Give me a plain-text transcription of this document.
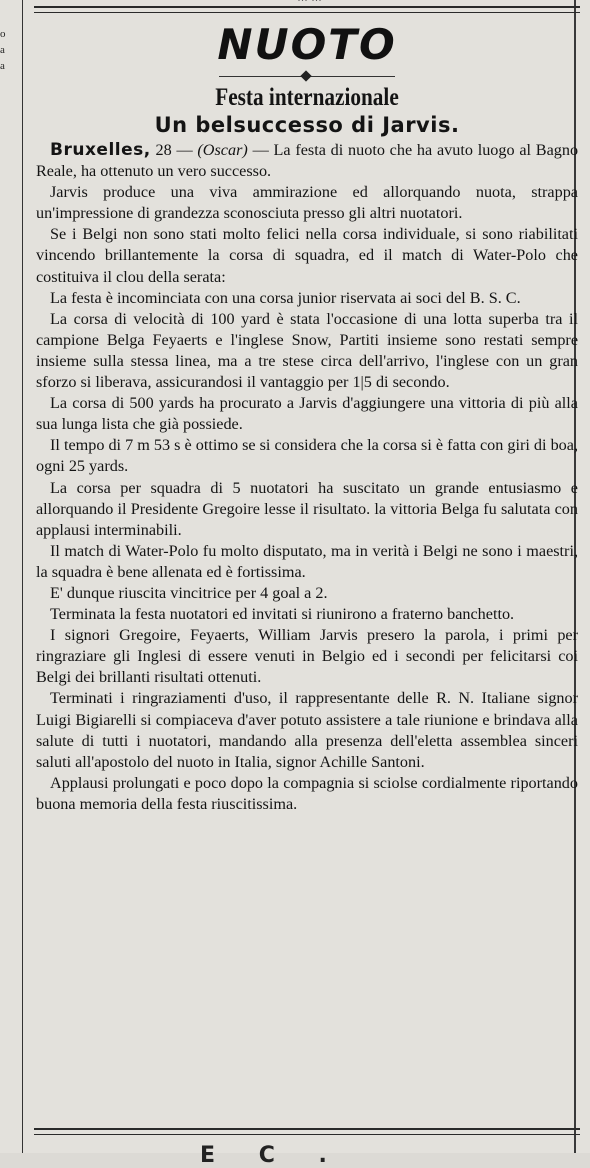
o
a
a	NUOTO
Festa internazionale
Un belsuccesso di Jarvis.

Bruxelles, 28 — (Oscar) — La festa di nuoto che ha avuto luogo al Bagno Reale, ha ottenuto un vero successo.

Jarvis produce una viva ammirazione ed allorquando nuota, strappa un'impressione di grandezza sconosciuta presso gli altri nuotatori.

Se i Belgi non sono stati molto felici nella corsa individuale, si sono riabilitati vincendo brillantemente la corsa di squadra, ed il match di Water-Polo che costituiva il clou della serata:

La festa è incominciata con una corsa junior riservata ai soci del B. S. C.

La corsa di velocità di 100 yard è stata l'occasione di una lotta superba tra il campione Belga Feyaerts e l'inglese Snow, Partiti insieme sono restati sempre insieme sulla stessa linea, ma a tre stese circa dell'arrivo, l'inglese con un gran sforzo si liberava, assicurandosi il vantaggio per 1|5 di secondo.

La corsa di 500 yards ha procurato a Jarvis d'aggiungere una vittoria di più alla sua lunga lista che già possiede.

Il tempo di 7 m 53 s è ottimo se si considera che la corsa si è fatta con giri di boa, ogni 25 yards.

La corsa per squadra di 5 nuotatori ha suscitato un grande entusiasmo e allorquando il Presidente Gregoire lesse il risultato. la vittoria Belga fu salutata con applausi interminabili.

Il match di Water-Polo fu molto disputato, ma in verità i Belgi ne sono i maestri, la squadra è bene allenata ed è fortissima.

E' dunque riuscita vincitrice per 4 goal a 2.

Terminata la festa nuotatori ed invitati si riunirono a fraterno banchetto.

I signori Gregoire, Feyaerts, William Jarvis presero la parola, i primi per ringraziare gli Inglesi di essere venuti in Belgio ed i secondi per felicitarsi coi Belgi dei brillanti risultati ottenuti.

Terminati i ringraziamenti d'uso, il rappresentante delle R. N. Italiane signor Luigi Bigiarelli si compiaceva d'aver potuto assistere a tale riunione e brindava alla salute di tutti i nuotatori, mandando alla presenza dell'eletta assemblea sinceri saluti all'apostolo del nuoto in Italia, signor Achille Santoni.

Applausi prolungati e poco dopo la compagnia si sciolse cordialmente riportando buona memoria della festa riuscitissima.

E C .
